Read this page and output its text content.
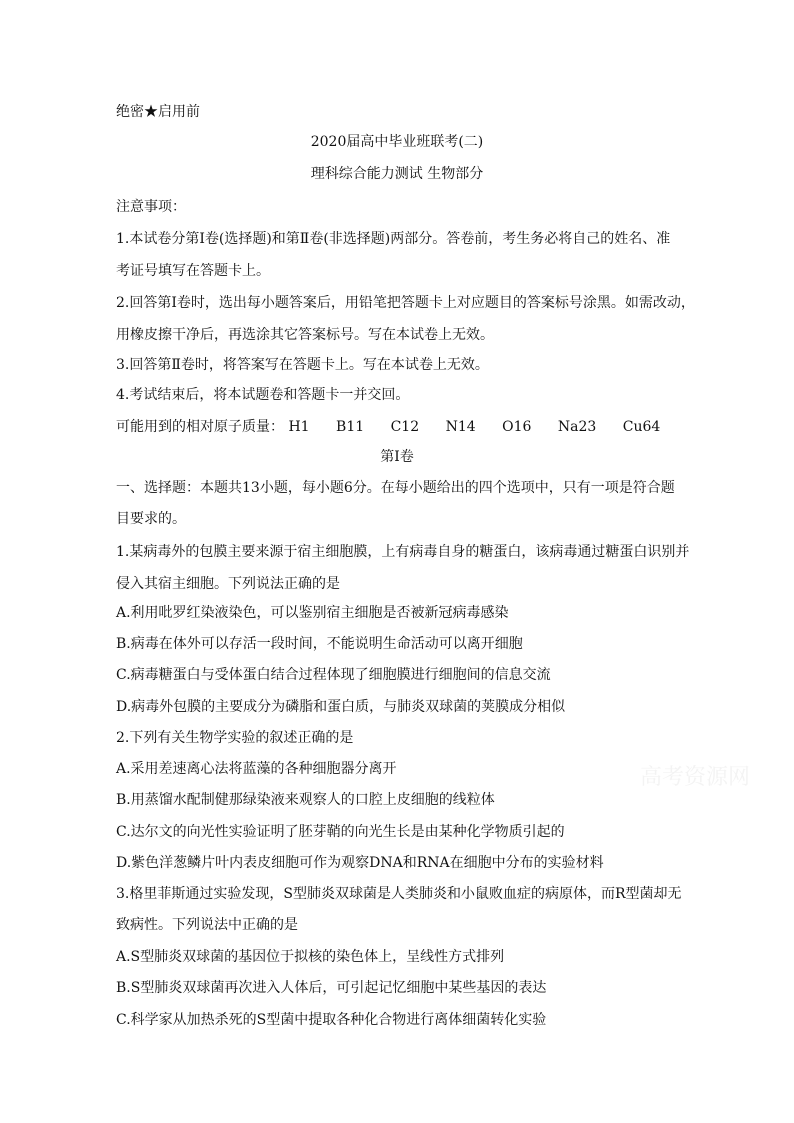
绝密★启用前
2020届高中毕业班联考(二)
理科综合能力测试 生物部分
注意事项：
1.本试卷分第Ⅰ卷(选择题)和第Ⅱ卷(非选择题)两部分。答卷前，考生务必将自己的姓名、准
考证号填写在答题卡上。
2.回答第Ⅰ卷时，选出每小题答案后，用铅笔把答题卡上对应题目的答案标号涂黑。如需改动，
用橡皮擦干净后，再选涂其它答案标号。写在本试卷上无效。
3.回答第Ⅱ卷时，将答案写在答题卡上。写在本试卷上无效。
4.考试结束后，将本试题卷和答题卡一并交回。
可能用到的相对原子质量： H1 B11 C12 N14 O16 Na23 Cu64
第Ⅰ卷
一、选择题：本题共13小题，每小题6分。在每小题给出的四个选项中，只有一项是符合题
目要求的。
1.某病毒外的包膜主要来源于宿主细胞膜，上有病毒自身的糖蛋白，该病毒通过糖蛋白识别并
侵入其宿主细胞。下列说法正确的是
A.利用吡罗红染液染色，可以鉴别宿主细胞是否被新冠病毒感染
B.病毒在体外可以存活一段时间，不能说明生命活动可以离开细胞
C.病毒糖蛋白与受体蛋白结合过程体现了细胞膜进行细胞间的信息交流
D.病毒外包膜的主要成分为磷脂和蛋白质，与肺炎双球菌的荚膜成分相似
2.下列有关生物学实验的叙述正确的是
A.采用差速离心法将蓝藻的各种细胞器分离开
B.用蒸馏水配制健那绿染液来观察人的口腔上皮细胞的线粒体
C.达尔文的向光性实验证明了胚芽鞘的向光生长是由某种化学物质引起的
D.紫色洋葱鳞片叶内表皮细胞可作为观察DNA和RNA在细胞中分布的实验材料
3.格里菲斯通过实验发现，S型肺炎双球菌是人类肺炎和小鼠败血症的病原体，而R型菌却无
致病性。下列说法中正确的是
A.S型肺炎双球菌的基因位于拟核的染色体上，呈线性方式排列
B.S型肺炎双球菌再次进入人体后，可引起记忆细胞中某些基因的表达
C.科学家从加热杀死的S型菌中提取各种化合物进行离体细菌转化实验
高考资源网
